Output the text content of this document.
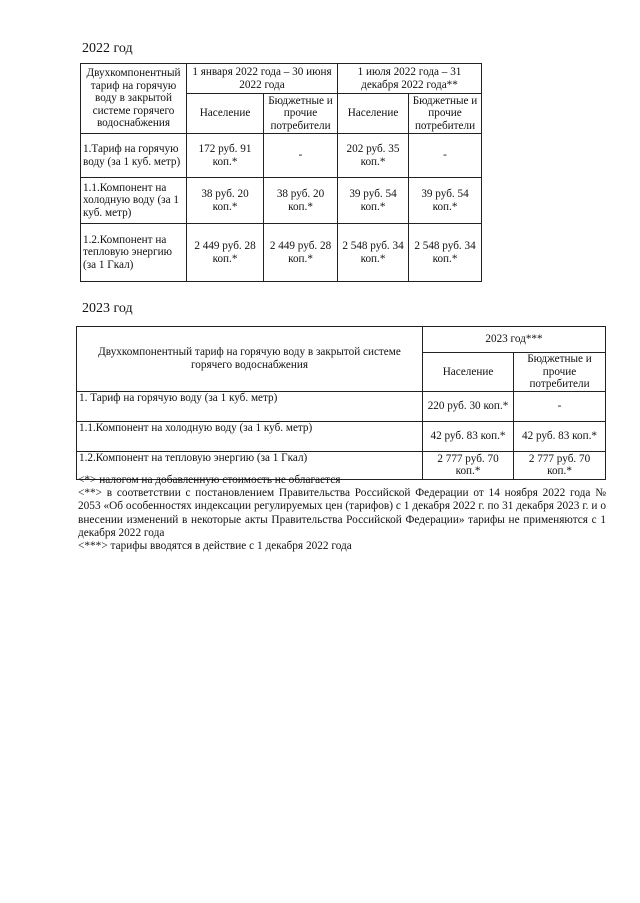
2022 год
Двухкомпонентный тариф на горячую воду в закрытой системе горячего водоснабжения	1 января 2022 года – 30 июня 2022 года		1 июля 2022 года – 31 декабря 2022 года**	
	Население	Бюджетные и прочие потребители	Население	Бюджетные и прочие потребители
1.Тариф на горячую воду (за 1 куб. метр)	172 руб. 91 коп.*	-	202 руб. 35 коп.*	-
1.1.Компонент на холодную воду (за 1 куб. метр)	38 руб. 20 коп.*	38 руб. 20 коп.*	39 руб. 54 коп.*	39 руб. 54 коп.*
1.2.Компонент на тепловую энергию (за 1 Гкал)	2 449 руб. 28 коп.*	2 449 руб. 28 коп.*	2 548 руб. 34 коп.*	2 548 руб. 34 коп.*
2023 год
Двухкомпонентный тариф на горячую воду в закрытой системе горячего водоснабжения	2023 год***	
	Население	Бюджетные и прочие потребители
1. Тариф на горячую воду (за 1 куб. метр)	220 руб. 30 коп.*	-
1.1.Компонент на холодную воду (за 1 куб. метр)	42 руб. 83 коп.*	42 руб. 83 коп.*
1.2.Компонент на тепловую энергию (за 1 Гкал)	2 777 руб. 70 коп.*	2 777 руб. 70 коп.*

<*> налогом на добавленную стоимость не облагается

<**> в соответствии с постановлением Правительства Российской Федерации от 14 ноября 2022 года № 2053 «Об особенностях индексации регулируемых цен (тарифов) с 1 декабря 2022 г. по 31 декабря 2023 г. и о внесении изменений в некоторые акты Правительства Российской Федерации» тарифы не применяются с 1 декабря 2022 года

<***> тарифы вводятся в действие с 1 декабря 2022 года
